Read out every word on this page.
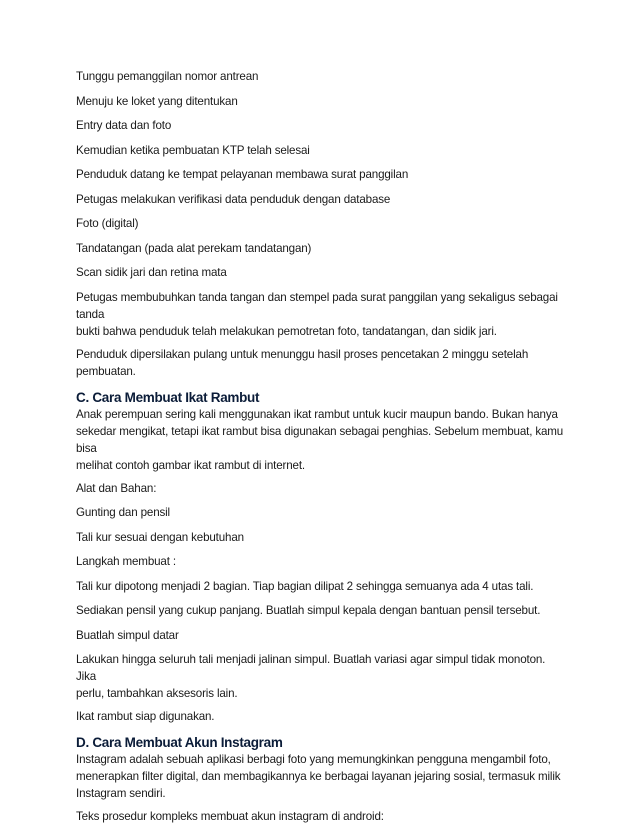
Tunggu pemanggilan nomor antrean

Menuju ke loket yang ditentukan

Entry data dan foto

Kemudian ketika pembuatan KTP telah selesai

Penduduk datang ke tempat pelayanan membawa surat panggilan

Petugas melakukan verifikasi data penduduk dengan database

Foto (digital)

Tandatangan (pada alat perekam tandatangan)

Scan sidik jari dan retina mata

Petugas membubuhkan tanda tangan dan stempel pada surat panggilan yang sekaligus sebagai tanda
bukti bahwa penduduk telah melakukan pemotretan foto, tandatangan, dan sidik jari.

Penduduk dipersilakan pulang untuk menunggu hasil proses pencetakan 2 minggu setelah pembuatan.

C. Cara Membuat Ikat Rambut

Anak perempuan sering kali menggunakan ikat rambut untuk kucir maupun bando. Bukan hanya
sekedar mengikat, tetapi ikat rambut bisa digunakan sebagai penghias. Sebelum membuat, kamu bisa
melihat contoh gambar ikat rambut di internet.

Alat dan Bahan:

Gunting dan pensil

Tali kur sesuai dengan kebutuhan

Langkah membuat :

Tali kur dipotong menjadi 2 bagian. Tiap bagian dilipat 2 sehingga semuanya ada 4 utas tali.

Sediakan pensil yang cukup panjang. Buatlah simpul kepala dengan bantuan pensil tersebut.

Buatlah simpul datar

Lakukan hingga seluruh tali menjadi jalinan simpul. Buatlah variasi agar simpul tidak monoton. Jika
perlu, tambahkan aksesoris lain.

Ikat rambut siap digunakan.

D. Cara Membuat Akun Instagram

Instagram adalah sebuah aplikasi berbagi foto yang memungkinkan pengguna mengambil foto,
menerapkan filter digital, dan membagikannya ke berbagai layanan jejaring sosial, termasuk milik
Instagram sendiri.

Teks prosedur kompleks membuat akun instagram di android:
